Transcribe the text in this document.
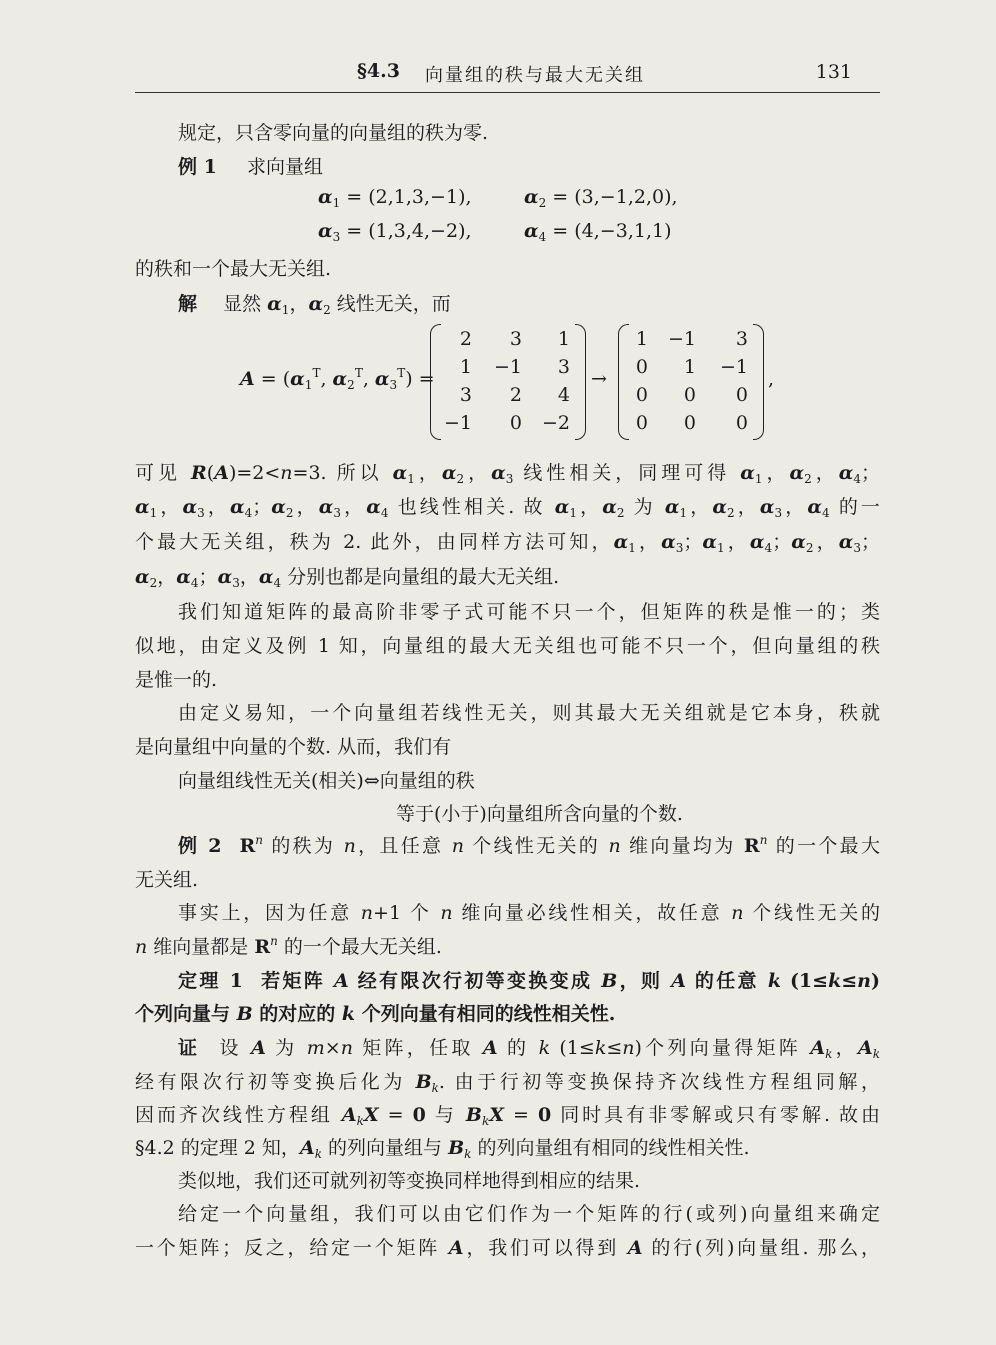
§4.3 向量组的秩与最大无关组	131
规定，只含零向量的向量组的秩为零.
例 1 求向量组
$\alpha_1 = (2,1,3,-1)$,	$\alpha_2 = (3,-1,2,0)$,
$\alpha_3 = (1,3,4,-2)$,	$\alpha_4 = (4,-3,1,1)$
的秩和一个最大无关组.
解 显然 $\alpha_1$，$\alpha_2$ 线性无关，而
$A = (\alpha_1^T$, $\alpha_2^T$, $\alpha_3^T$) =
2	3	1
1	−1	3
3	2	4
−1	0	−2
→
1	−1	3
0	1	−1
0	0	0
0	0	0
,
可见 R(A)=2<n=3. 所以 $\alpha_1$，$\alpha_2$，$\alpha_3$ 线性相关，同理可得 $\alpha_1$，$\alpha_2$，$\alpha_4$；
$\alpha_1$，$\alpha_3$，$\alpha_4$；$\alpha_2$，$\alpha_3$，$\alpha_4$ 也线性相关. 故 $\alpha_1$，$\alpha_2$ 为 $\alpha_1$，$\alpha_2$，$\alpha_3$，$\alpha_4$ 的一
个最大无关组，秩为 2. 此外，由同样方法可知，$\alpha_1$，$\alpha_3$；$\alpha_1$，$\alpha_4$；$\alpha_2$，$\alpha_3$；
$\alpha_2$，$\alpha_4$；$\alpha_3$，$\alpha_4$ 分别也都是向量组的最大无关组.
我们知道矩阵的最高阶非零子式可能不只一个，但矩阵的秩是惟一的；类
似地，由定义及例 1 知，向量组的最大无关组也可能不只一个，但向量组的秩
是惟一的.
由定义易知，一个向量组若线性无关，则其最大无关组就是它本身，秩就
是向量组中向量的个数. 从而，我们有
向量组线性无关(相关)⇔向量组的秩
等于(小于)向量组所含向量的个数.
例 2 $R^n$ 的秩为 n，且任意 n 个线性无关的 n 维向量均为 $R^n$ 的一个最大
无关组.
事实上，因为任意 n+1 个 n 维向量必线性相关，故任意 n 个线性无关的
n 维向量都是 $R^n$ 的一个最大无关组.
定理 1 若矩阵 A 经有限次行初等变换变成 B，则 A 的任意 k (1≤k≤n)
个列向量与 B 的对应的 k 个列向量有相同的线性相关性.
证 设 A 为 m×n 矩阵，任取 A 的 k (1≤k≤n)个列向量得矩阵 $A_k$，$A_k$
经有限次行初等变换后化为 $B_k$. 由于行初等变换保持齐次线性方程组同解，
因而齐次线性方程组 $A_kX = 0$ 与 $B_kX = 0$ 同时具有非零解或只有零解. 故由
§4.2 的定理 2 知，$A_k$ 的列向量组与 $B_k$ 的列向量组有相同的线性相关性.
类似地，我们还可就列初等变换同样地得到相应的结果.
给定一个向量组，我们可以由它们作为一个矩阵的行(或列)向量组来确定
一个矩阵；反之，给定一个矩阵 A，我们可以得到 A 的行(列)向量组. 那么，
